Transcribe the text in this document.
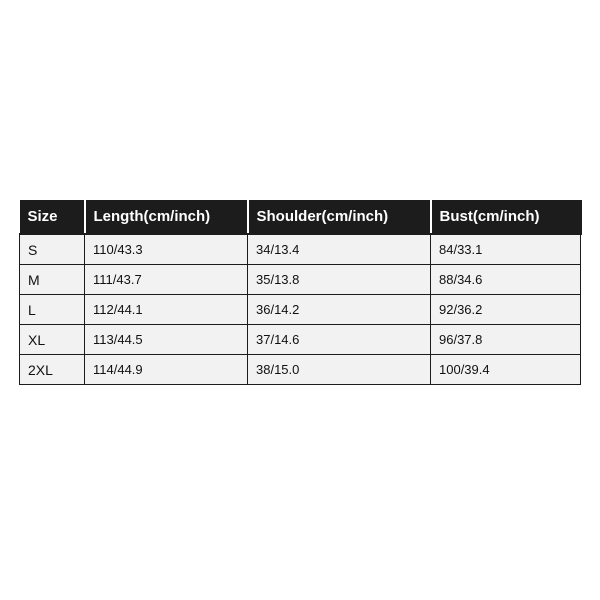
Size	Length(cm/inch)	Shoulder(cm/inch)	Bust(cm/inch)
S	110/43.3	34/13.4	84/33.1
M	111/43.7	35/13.8	88/34.6
L	112/44.1	36/14.2	92/36.2
XL	113/44.5	37/14.6	96/37.8
2XL	114/44.9	38/15.0	100/39.4
